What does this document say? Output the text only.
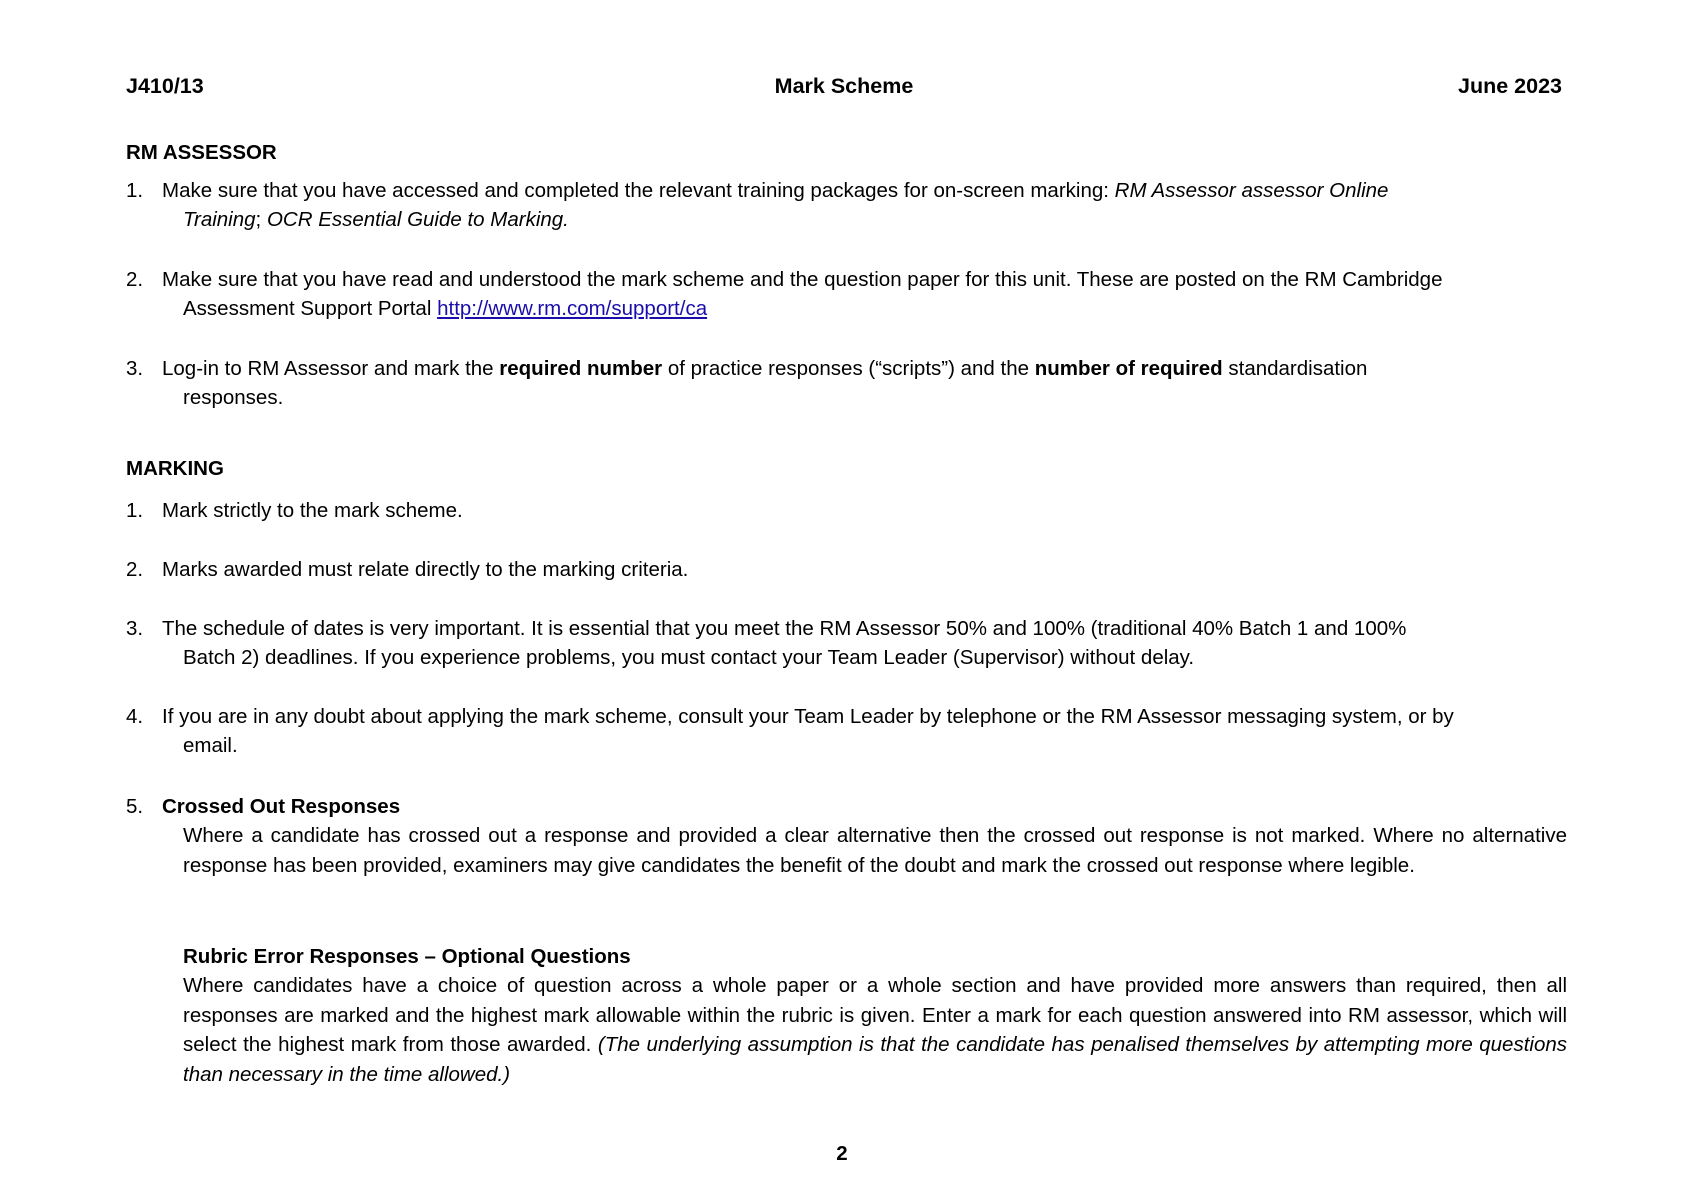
J410/13	Mark Scheme	June 2023
RM ASSESSOR
1. Make sure that you have accessed and completed the relevant training packages for on-screen marking: RM Assessor assessor Online
Training; OCR Essential Guide to Marking.
2. Make sure that you have read and understood the mark scheme and the question paper for this unit. These are posted on the RM Cambridge
Assessment Support Portal http://www.rm.com/support/ca
3. Log-in to RM Assessor and mark the required number of practice responses (“scripts”) and the number of required standardisation
responses.
MARKING
1. Mark strictly to the mark scheme.
2. Marks awarded must relate directly to the marking criteria.
3. The schedule of dates is very important. It is essential that you meet the RM Assessor 50% and 100% (traditional 40% Batch 1 and 100%
Batch 2) deadlines. If you experience problems, you must contact your Team Leader (Supervisor) without delay.
4. If you are in any doubt about applying the mark scheme, consult your Team Leader by telephone or the RM Assessor messaging system, or by
email.
5. Crossed Out Responses
Where a candidate has crossed out a response and provided a clear alternative then the crossed out response is not marked. Where no alternative response has been provided, examiners may give candidates the benefit of the doubt and mark the crossed out response where legible.
Rubric Error Responses – Optional Questions
Where candidates have a choice of question across a whole paper or a whole section and have provided more answers than required, then all responses are marked and the highest mark allowable within the rubric is given. Enter a mark for each question answered into RM assessor, which will select the highest mark from those awarded. (The underlying assumption is that the candidate has penalised themselves by attempting more questions than necessary in the time allowed.)
2
